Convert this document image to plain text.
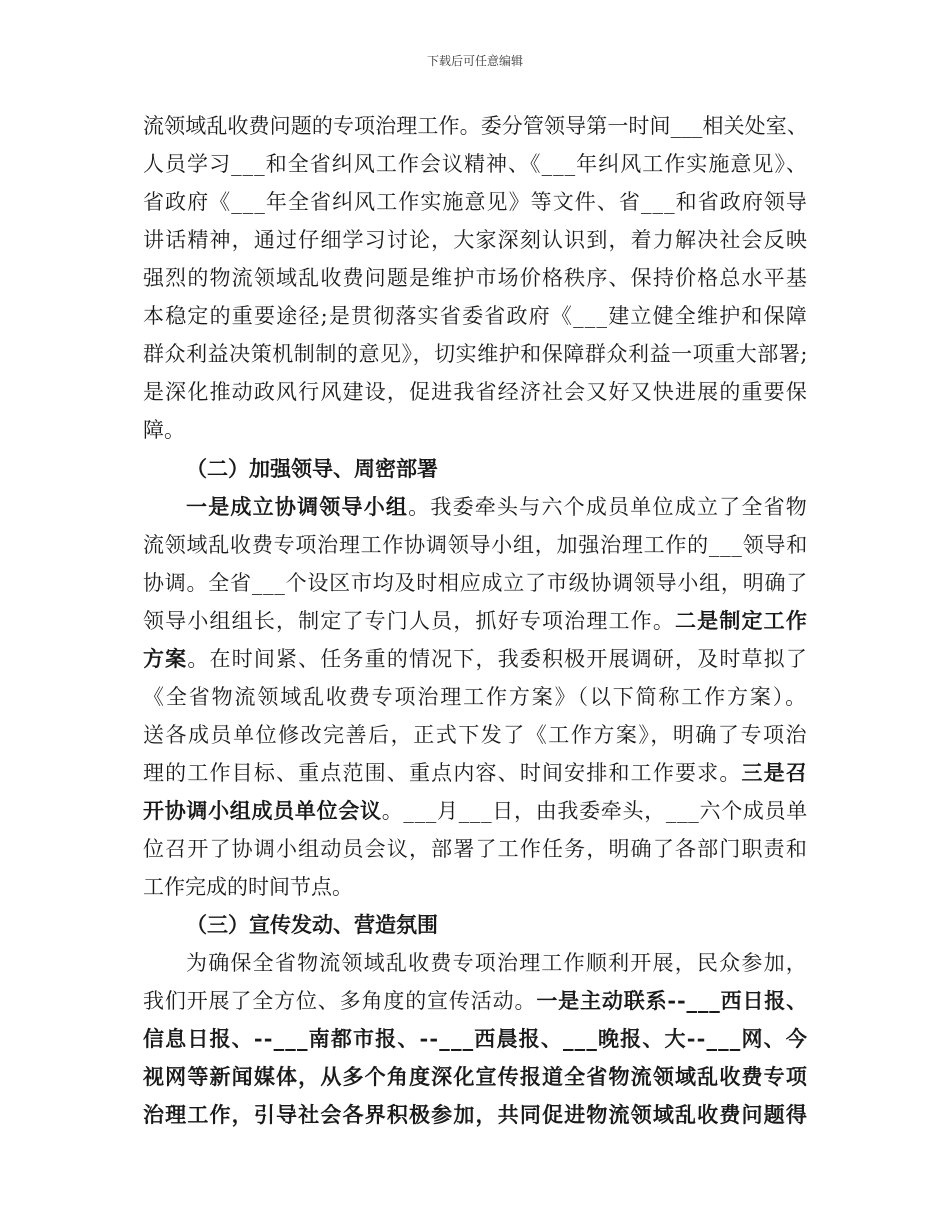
下载后可任意编辑
流领域乱收费问题的专项治理工作。委分管领导第一时间___相关处室、
人员学习___和全省纠风工作会议精神、《___年纠风工作实施意见》、
省政府《___年全省纠风工作实施意见》等文件、省___和省政府领导
讲话精神，通过仔细学习讨论，大家深刻认识到，着力解决社会反映
强烈的物流领域乱收费问题是维护市场价格秩序、保持价格总水平基
本稳定的重要途径;是贯彻落实省委省政府《___建立健全维护和保障
群众利益决策机制制的意见》，切实维护和保障群众利益一项重大部署;
是深化推动政风行风建设，促进我省经济社会又好又快进展的重要保
障。
（二）加强领导、周密部署
一是成立协调领导小组。我委牵头与六个成员单位成立了全省物
流领域乱收费专项治理工作协调领导小组，加强治理工作的___领导和
协调。全省___个设区市均及时相应成立了市级协调领导小组，明确了
领导小组组长，制定了专门人员，抓好专项治理工作。二是制定工作
方案。在时间紧、任务重的情况下，我委积极开展调研，及时草拟了
《全省物流领域乱收费专项治理工作方案》（以下简称工作方案）。
送各成员单位修改完善后，正式下发了《工作方案》，明确了专项治
理的工作目标、重点范围、重点内容、时间安排和工作要求。三是召
开协调小组成员单位会议。___月___日，由我委牵头，___六个成员单
位召开了协调小组动员会议，部署了工作任务，明确了各部门职责和
工作完成的时间节点。
（三）宣传发动、营造氛围
为确保全省物流领域乱收费专项治理工作顺利开展，民众参加，
我们开展了全方位、多角度的宣传活动。一是主动联系--___西日报、
信息日报、--___南都市报、--___西晨报、___晚报、大--___网、今
视网等新闻媒体，从多个角度深化宣传报道全省物流领域乱收费专项
治理工作，引导社会各界积极参加，共同促进物流领域乱收费问题得
